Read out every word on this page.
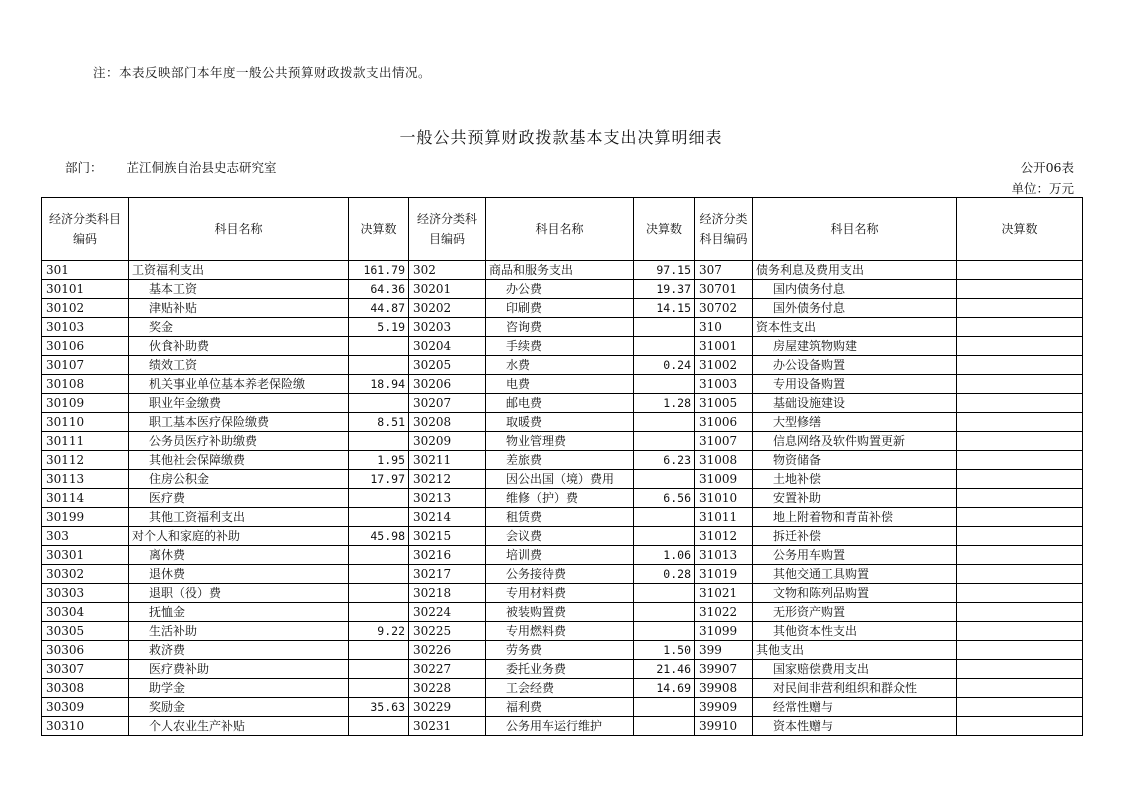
注：本表反映部门本年度一般公共预算财政拨款支出情况。
一般公共预算财政拨款基本支出决算明细表
部门： 芷江侗族自治县史志研究室	公开06表
单位：万元
经济分类科目编码	科目名称	决算数	经济分类科目编码	科目名称	决算数	经济分类科目编码	科目名称	决算数
301	工资福利支出	161.79	302	商品和服务支出	97.15	307	债务利息及费用支出	
30101	基本工资	64.36	30201	办公费	19.37	30701	国内债务付息	
30102	津贴补贴	44.87	30202	印刷费	14.15	30702	国外债务付息	
30103	奖金	5.19	30203	咨询费		310	资本性支出	
30106	伙食补助费		30204	手续费		31001	房屋建筑物购建	
30107	绩效工资		30205	水费	0.24	31002	办公设备购置	
30108	机关事业单位基本养老保险缴	18.94	30206	电费		31003	专用设备购置	
30109	职业年金缴费		30207	邮电费	1.28	31005	基础设施建设	
30110	职工基本医疗保险缴费	8.51	30208	取暖费		31006	大型修缮	
30111	公务员医疗补助缴费		30209	物业管理费		31007	信息网络及软件购置更新	
30112	其他社会保障缴费	1.95	30211	差旅费	6.23	31008	物资储备	
30113	住房公积金	17.97	30212	因公出国（境）费用		31009	土地补偿	
30114	医疗费		30213	维修（护）费	6.56	31010	安置补助	
30199	其他工资福利支出		30214	租赁费		31011	地上附着物和青苗补偿	
303	对个人和家庭的补助	45.98	30215	会议费		31012	拆迁补偿	
30301	离休费		30216	培训费	1.06	31013	公务用车购置	
30302	退休费		30217	公务接待费	0.28	31019	其他交通工具购置	
30303	退职（役）费		30218	专用材料费		31021	文物和陈列品购置	
30304	抚恤金		30224	被装购置费		31022	无形资产购置	
30305	生活补助	9.22	30225	专用燃料费		31099	其他资本性支出	
30306	救济费		30226	劳务费	1.50	399	其他支出	
30307	医疗费补助		30227	委托业务费	21.46	39907	国家赔偿费用支出	
30308	助学金		30228	工会经费	14.69	39908	对民间非营利组织和群众性	
30309	奖励金	35.63	30229	福利费		39909	经常性赠与	
30310	个人农业生产补贴		30231	公务用车运行维护		39910	资本性赠与	
